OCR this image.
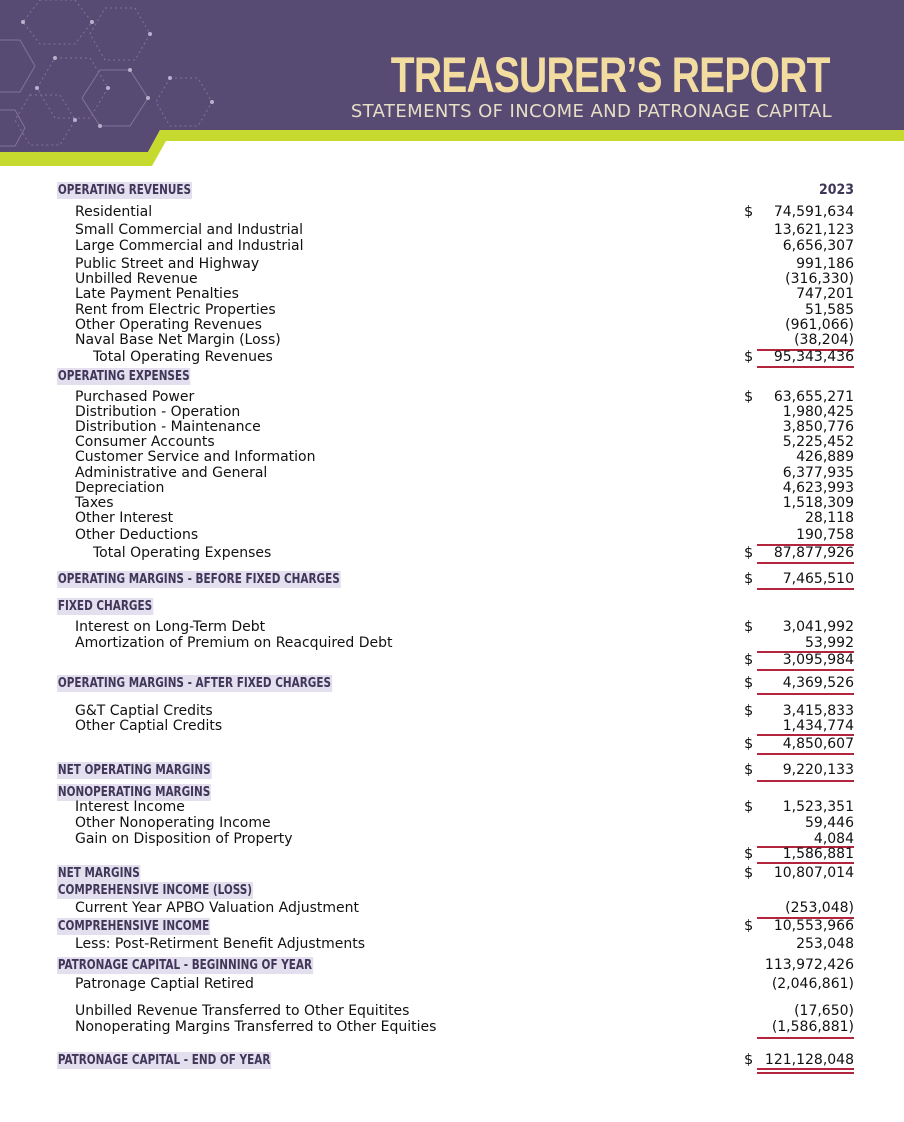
TREASURER’S REPORT
STATEMENTS OF INCOME AND PATRONAGE CAPITAL
OPERATING REVENUES	2023
Residential	$ 74,591,634
Small Commercial and Industrial	13,621,123
Large Commercial and Industrial	6,656,307
Public Street and Highway	991,186
Unbilled Revenue	(316,330)
Late Payment Penalties	747,201
Rent from Electric Properties	51,585
Other Operating Revenues	(961,066)
Naval Base Net Margin (Loss)	(38,204)
Total Operating Revenues	$ 95,343,436
OPERATING EXPENSES
Purchased Power	$ 63,655,271
Distribution - Operation	1,980,425
Distribution - Maintenance	3,850,776
Consumer Accounts	5,225,452
Customer Service and Information	426,889
Administrative and General	6,377,935
Depreciation	4,623,993
Taxes	1,518,309
Other Interest	28,118
Other Deductions	190,758
Total Operating Expenses	$ 87,877,926
OPERATING MARGINS - BEFORE FIXED CHARGES	$ 7,465,510
FIXED CHARGES
Interest on Long-Term Debt	$ 3,041,992
Amortization of Premium on Reacquired Debt	53,992
$ 3,095,984
OPERATING MARGINS - AFTER FIXED CHARGES	$ 4,369,526
G&T Captial Credits	$ 3,415,833
Other Captial Credits	1,434,774
$ 4,850,607
NET OPERATING MARGINS	$ 9,220,133
NONOPERATING MARGINS
Interest Income	$ 1,523,351
Other Nonoperating Income	59,446
Gain on Disposition of Property	4,084
$ 1,586,881
NET MARGINS	$ 10,807,014
COMPREHENSIVE INCOME (LOSS)
Current Year APBO Valuation Adjustment	(253,048)
COMPREHENSIVE INCOME	$ 10,553,966
Less: Post-Retirment Benefit Adjustments	253,048
PATRONAGE CAPITAL - BEGINNING OF YEAR	113,972,426
Patronage Captial Retired	(2,046,861)
Unbilled Revenue Transferred to Other Equitites	(17,650)
Nonoperating Margins Transferred to Other Equities	(1,586,881)
PATRONAGE CAPITAL - END OF YEAR	$ 121,128,048
